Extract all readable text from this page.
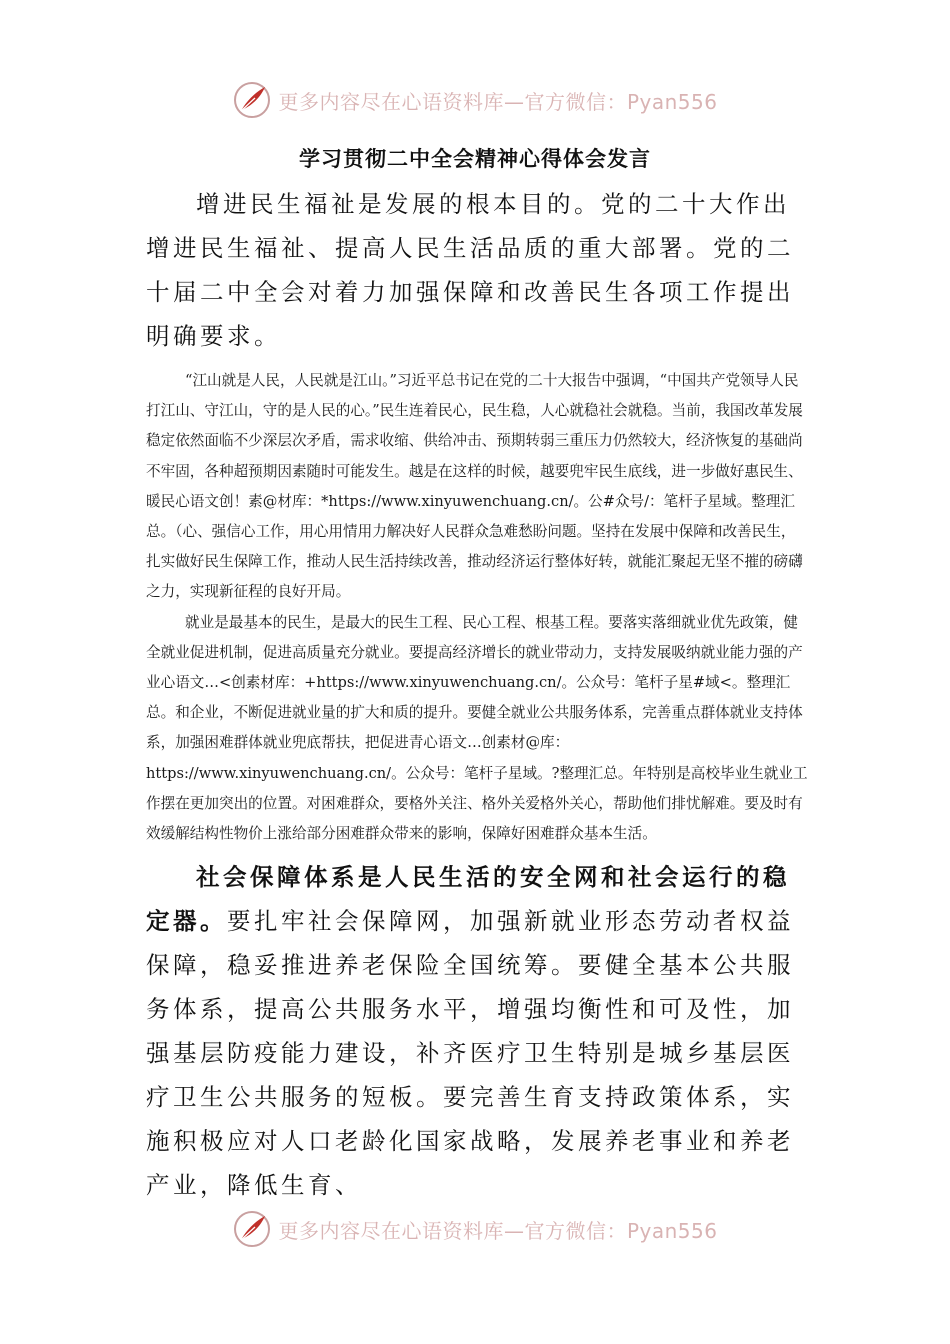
更多内容尽在心语资料库—官方微信：Pyan556
学习贯彻二中全会精神心得体会发言

增进民生福祉是发展的根本目的。党的二十大作出增进民生福祉、提高人民生活品质的重大部署。党的二十届二中全会对着力加强保障和改善民生各项工作提出明确要求。

“江山就是人民，人民就是江山。”习近平总书记在党的二十大报告中强调，“中国共产党领导人民打江山、守江山，守的是人民的心。”民生连着民心，民生稳，人心就稳社会就稳。当前，我国改革发展稳定依然面临不少深层次矛盾，需求收缩、供给冲击、预期转弱三重压力仍然较大，经济恢复的基础尚不牢固，各种超预期因素随时可能发生。越是在这样的时候，越要兜牢民生底线，进一步做好惠民生、暖民心语文创！素@材库：*https://www.xinyuwenchuang.cn/。公#众号/：笔杆子星域。整理汇总。（心、强信心工作，用心用情用力解决好人民群众急难愁盼问题。坚持在发展中保障和改善民生，扎实做好民生保障工作，推动人民生活持续改善，推动经济运行整体好转，就能汇聚起无坚不摧的磅礴之力，实现新征程的良好开局。

就业是最基本的民生，是最大的民生工程、民心工程、根基工程。要落实落细就业优先政策，健全就业促进机制，促进高质量充分就业。要提高经济增长的就业带动力，支持发展吸纳就业能力强的产业心语文…<创素材库：+https://www.xinyuwenchuang.cn/。公众号：笔杆子星#域<。整理汇总。和企业，不断促进就业量的扩大和质的提升。要健全就业公共服务体系，完善重点群体就业支持体系，加强困难群体就业兜底帮扶，把促进青心语文…创素材@库：https://www.xinyuwenchuang.cn/。公众号：笔杆子星域。?整理汇总。年特别是高校毕业生就业工作摆在更加突出的位置。对困难群众，要格外关注、格外关爱格外关心，帮助他们排忧解难。要及时有效缓解结构性物价上涨给部分困难群众带来的影响，保障好困难群众基本生活。

社会保障体系是人民生活的安全网和社会运行的稳定器。要扎牢社会保障网，加强新就业形态劳动者权益保障，稳妥推进养老保险全国统筹。要健全基本公共服务体系，提高公共服务水平，增强均衡性和可及性，加强基层防疫能力建设，补齐医疗卫生特别是城乡基层医疗卫生公共服务的短板。要完善生育支持政策体系，实施积极应对人口老龄化国家战略，发展养老事业和养老产业，降低生育、

更多内容尽在心语资料库—官方微信：Pyan556
